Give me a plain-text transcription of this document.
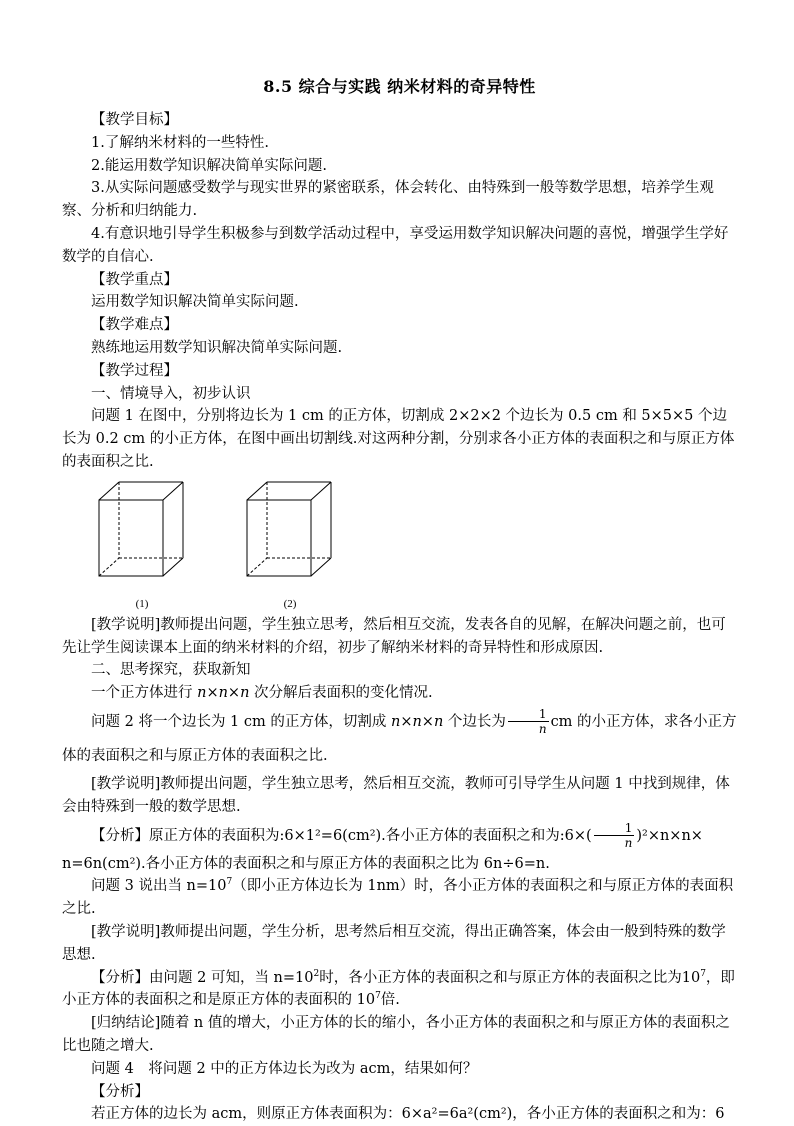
8.5 综合与实践 纳米材料的奇异特性

【教学目标】

1.了解纳米材料的一些特性.

2.能运用数学知识解决简单实际问题.

3.从实际问题感受数学与现实世界的紧密联系，体会转化、由特殊到一般等数学思想，培养学生观察、分析和归纳能力.

4.有意识地引导学生积极参与到数学活动过程中，享受运用数学知识解决问题的喜悦，增强学生学好数学的自信心.

【教学重点】

运用数学知识解决简单实际问题.

【教学难点】

熟练地运用数学知识解决简单实际问题.

【教学过程】

一、情境导入，初步认识

问题 1 在图中，分别将边长为 1 cm 的正方体，切割成 2×2×2 个边长为 0.5 cm 和 5×5×5 个边长为 0.2 cm 的小正方体，在图中画出切割线.对这两种分割，分别求各小正方体的表面积之和与原正方体的表面积之比.

(1)	(2)

[教学说明]教师提出问题，学生独立思考，然后相互交流，发表各自的见解，在解决问题之前，也可先让学生阅读课本上面的纳米材料的介绍，初步了解纳米材料的奇异特性和形成原因.

二、思考探究，获取新知

一个正方体进行 n×n×n 次分解后表面积的变化情况.

问题 2 将一个边长为 1 cm 的正方体，切割成 n×n×n 个边长为 $\frac{1}{n}$ cm 的小正方体，求各小正方体的表面积之和与原正方体的表面积之比.

[教学说明]教师提出问题，学生独立思考，然后相互交流，教师可引导学生从问题 1 中找到规律，体会由特殊到一般的数学思想.

【分析】原正方体的表面积为:6×1²=6(cm²).各小正方体的表面积之和为:6×( $\frac{1}{n} )^2\times n\times n\times$

n=6n(cm²).各小正方体的表面积之和与原正方体的表面积之比为 6n÷6=n.

问题 3 说出当 $n=10^7$（即小正方体边长为 1nm）时，各小正方体的表面积之和与原正方体的表面积之比.

[教学说明]教师提出问题，学生分析，思考然后相互交流，得出正确答案，体会由一般到特殊的数学思想.

【分析】由问题 2 可知，当 $n=10^2$时，各小正方体的表面积之和与原正方体的表面积之比为$10^7$，即小正方体的表面积之和是原正方体的表面积的 $10^7$倍.

[归纳结论]随着 n 值的增大，小正方体的长的缩小，各小正方体的表面积之和与原正方体的表面积之比也随之增大.

问题 4　将问题 2 中的正方体边长为改为 acm，结果如何？

【分析】

若正方体的边长为 acm，则原正方体表面积为：6×a²=6a²(cm²)，各小正方体的表面积之和为：6
